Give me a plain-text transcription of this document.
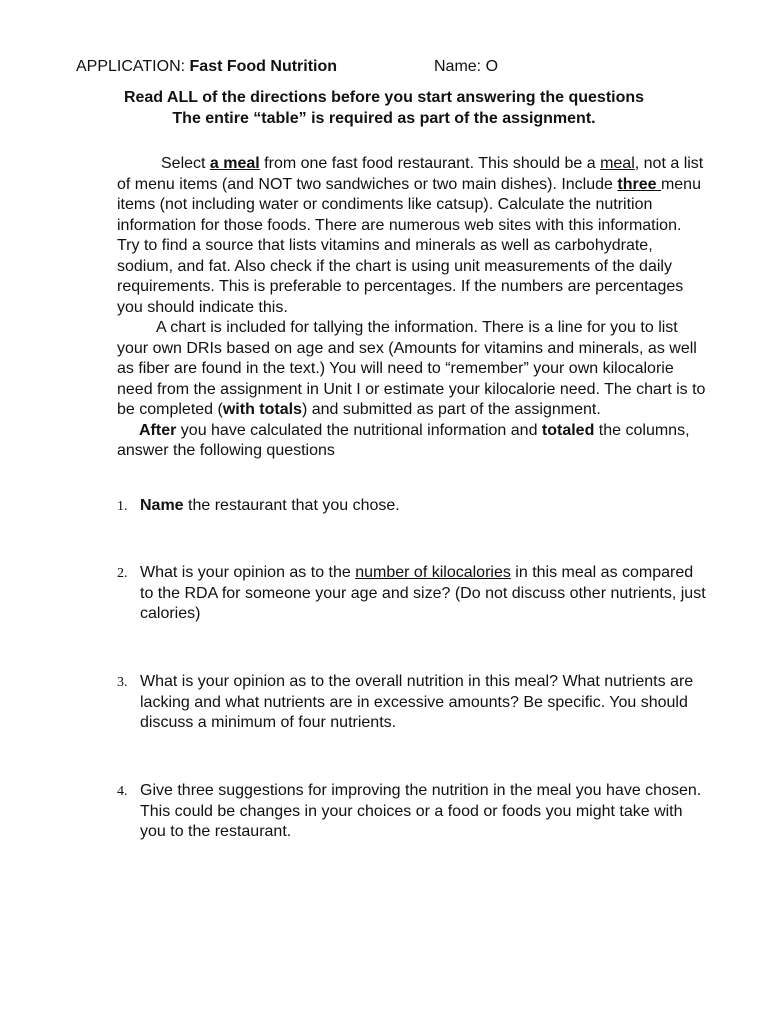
APPLICATION: Fast Food Nutrition	Name: O
Read ALL of the directions before you start answering the questions
The entire “table” is required as part of the assignment.

Select a meal from one fast food restaurant. This should be a meal, not a list of menu items (and NOT two sandwiches or two main dishes). Include three menu items (not including water or condiments like catsup). Calculate the nutrition information for those foods. There are numerous web sites with this information. Try to find a source that lists vitamins and minerals as well as carbohydrate, sodium, and fat. Also check if the chart is using unit measurements of the daily requirements. This is preferable to percentages. If the numbers are percentages you should indicate this.

A chart is included for tallying the information. There is a line for you to list your own DRIs based on age and sex (Amounts for vitamins and minerals, as well as fiber are found in the text.) You will need to “remember” your own kilocalorie need from the assignment in Unit I or estimate your kilocalorie need. The chart is to be completed (with totals) and submitted as part of the assignment.

After you have calculated the nutritional information and totaled the columns, answer the following questions

1. Name the restaurant that you chose.
2. What is your opinion as to the number of kilocalories in this meal as compared to the RDA for someone your age and size? (Do not discuss other nutrients, just calories)
3. What is your opinion as to the overall nutrition in this meal? What nutrients are lacking and what nutrients are in excessive amounts? Be specific. You should discuss a minimum of four nutrients.
4. Give three suggestions for improving the nutrition in the meal you have chosen. This could be changes in your choices or a food or foods you might take with you to the restaurant.
